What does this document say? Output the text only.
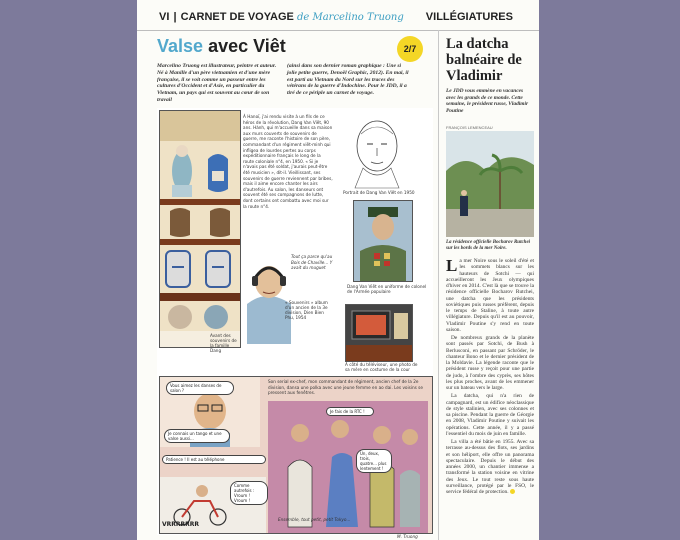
VI | CARNET DE VOYAGE de Marcelino Truong VILLÉGIATURES
Valse avec Viêt	2/7
Marcelino Truong est illustrateur, peintre et auteur. Né à Manille d'un père vietnamien et d'une mère française, il se voit comme un passeur entre les cultures d'Occident et d'Asie, en particulier du Vietnam, un pays qui est souvent au cœur de son travail
(ainsi dans son dernier roman graphique : Une si jolie petite guerre, Denoël Graphic, 2012). En mai, il est parti au Vietnam du Nord sur les traces des vétérans de la guerre d'Indochine. Pour le JDD, il a tiré de ce périple un carnet de voyage.
Avant des souvenirs de la famille Dang
À Hanoï, j'ai rendu visite à un fils de ce héros de la révolution, Dang Van Viêt, 90 ans. Hành, qui m'accueille dans sa maison aux murs couverts de souvenirs de guerre, me raconte l'histoire de son père, commandant d'un régiment viêt-minh qui infligea de lourdes pertes au corps expéditionnaire français le long de la route coloniale n°4, en 1950. « Si je n'avais pas été soldat, j'aurais peut-être été musicien », dit-il. Vieillissant, ses souvenirs de guerre reviennent par bribes, mais il aime encore chanter les airs d'autrefois. Au salon, les danseurs ont souvent été ses compagnons de lutte, dont certains ont combattu avec moi sur la route n°4.
Portrait de Dang Van Viêt en 1950
Dang Van Viêt en uniforme de colonel de l'Armée populaire
Tout ça parce qu'au Bois de Chaville... Y avait du muguet
« Souvenirs » album d'un ancien de la 3e division, Dien Bien Phu, 1954
À côté du téléviseur, une photo de sa mère en costume de la cour
Vous aimez les danses de salon ?
Je connais un tango et une valse aussi...
Son serial ex-chef, mon commandant de régiment, ancien chef de la 2e division, dansa une polka avec une jeune femme en ao dai. Les voisins se pressent aux fenêtres.
Je fais de la RTC !
Un, deux, trois, quatre... plus lentement !
Patience ! Il est au téléphone
Comme autrefois : Vroum ! Vroum !
VRRRRRRR
Ensemble, tout petit, petit Tokyo...
M. Truong
La datcha balnéaire de Vladimir
Le JDD vous emmène en vacances avec les grands de ce monde. Cette semaine, le président russe, Vladimir Poutine
FRANÇOIS LEMENCEAU
La résidence officielle Bocharov Rutchei sur les bords de la mer Noire.

La mer Noire sous le soleil d'été et les sommets blancs sur les hauteurs de Sotchi — qui accueilleront les Jeux olympiques d'hiver en 2014. C'est là que se trouve la résidence officielle Bocharov Rutchei, une datcha que les présidents soviétiques puis russes préfèrent, depuis le temps de Staline, à toute autre villégiature. Depuis qu'il est au pouvoir, Vladimir Poutine s'y rend en toute saison.

De nombreux grands de la planète sont passés par Sotchi, de Bush à Berlusconi, en passant par Schröder, le chanteur Bono et le dernier président de la Moldavie. La légende raconte que le président russe y reçoit pour une partie de judo, à l'ombre des cyprès, ses hôtes les plus proches, avant de les emmener sur un bateau vers le large.

La datcha, qui n'a rien de campagnard, est un édifice néoclassique de style stalinien, avec ses colonnes et sa piscine. Pendant la guerre de Géorgie en 2008, Vladimir Poutine y suivait les opérations. Cette année, il y a passé l'essentiel du mois de juin en famille.

La villa a été bâtie en 1955. Avec sa terrasse au-dessus des flots, ses jardins et son héliport, elle offre un panorama spectaculaire. Depuis le début des années 2000, un chantier immense a transformé la station voisine en vitrine des Jeux. Le tout reste sous haute surveillance, protégé par le FSO, le service fédéral de protection.
